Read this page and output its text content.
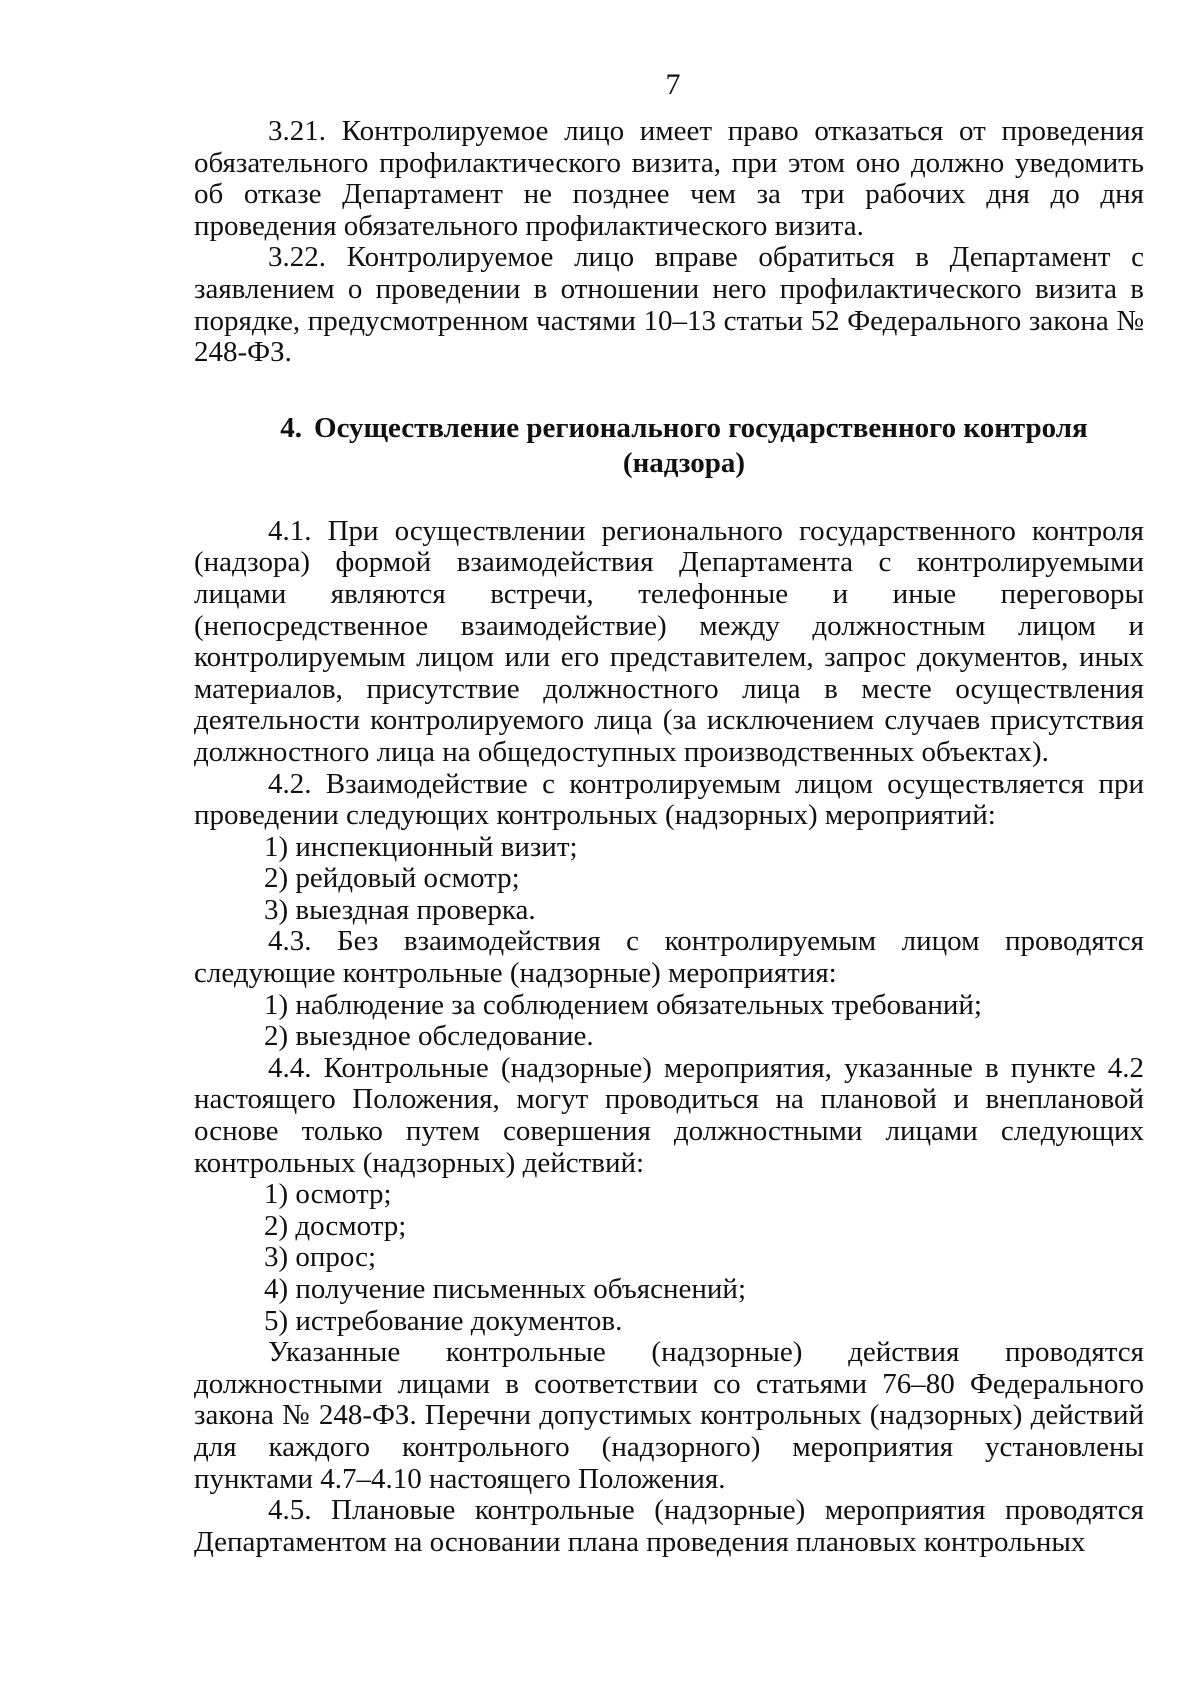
7

3.21. Контролируемое лицо имеет право отказаться от проведения обязательного профилактического визита, при этом оно должно уведомить об отказе Департамент не позднее чем за три рабочих дня до дня проведения обязательного профилактического визита.

3.22. Контролируемое лицо вправе обратиться в Департамент с заявлением о проведении в отношении него профилактического визита в порядке, предусмотренном частями 10–13 статьи 52 Федерального закона № 248-ФЗ.

4. Осуществление регионального государственного контроля
(надзора)

4.1. При осуществлении регионального государственного контроля (надзора) формой взаимодействия Департамента с контролируемыми лицами являются встречи, телефонные и иные переговоры (непосредственное взаимодействие) между должностным лицом и контролируемым лицом или его представителем, запрос документов, иных материалов, присутствие должностного лица в месте осуществления деятельности контролируемого лица (за исключением случаев присутствия должностного лица на общедоступных производственных объектах).

4.2. Взаимодействие с контролируемым лицом осуществляется при проведении следующих контрольных (надзорных) мероприятий:

1) инспекционный визит;

2) рейдовый осмотр;

3) выездная проверка.

4.3. Без взаимодействия с контролируемым лицом проводятся следующие контрольные (надзорные) мероприятия:

1) наблюдение за соблюдением обязательных требований;

2) выездное обследование.

4.4. Контрольные (надзорные) мероприятия, указанные в пункте 4.2 настоящего Положения, могут проводиться на плановой и внеплановой основе только путем совершения должностными лицами следующих контрольных (надзорных) действий:

1) осмотр;

2) досмотр;

3) опрос;

4) получение письменных объяснений;

5) истребование документов.

Указанные контрольные (надзорные) действия проводятся должностными лицами в соответствии со статьями 76–80 Федерального закона № 248-ФЗ. Перечни допустимых контрольных (надзорных) действий для каждого контрольного (надзорного) мероприятия установлены пунктами 4.7–4.10 настоящего Положения.

4.5. Плановые контрольные (надзорные) мероприятия проводятся Департаментом на основании плана проведения плановых контрольных
